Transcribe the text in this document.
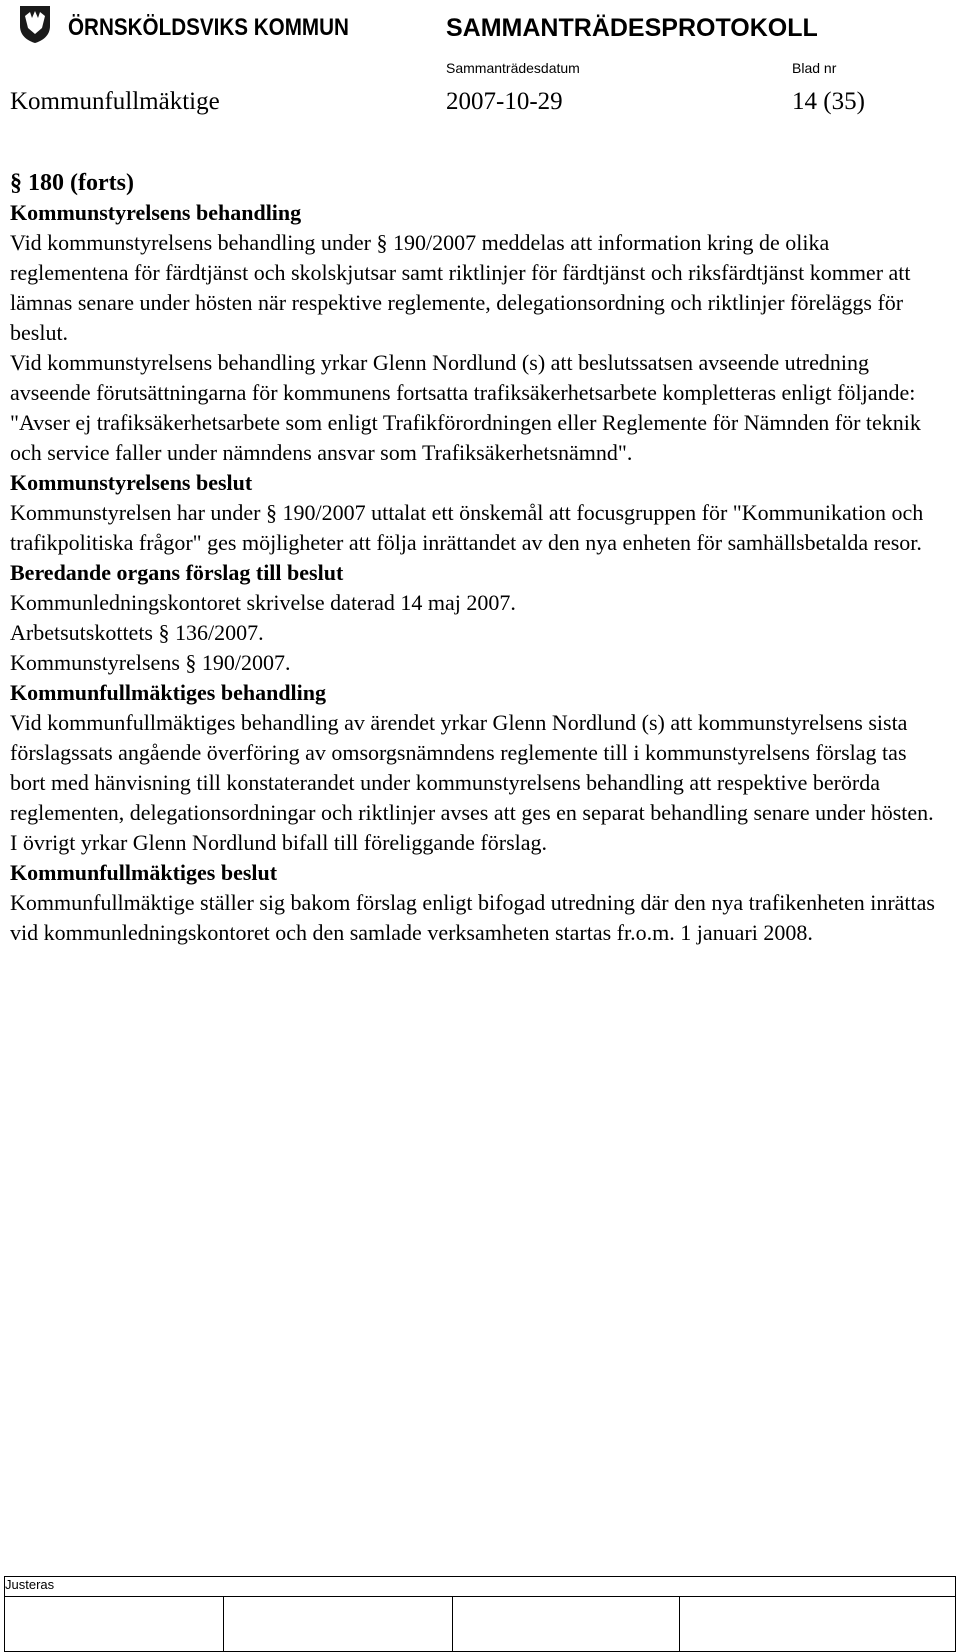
ÖRNSKÖLDSVIKS KOMMUN	SAMMANTRÄDESPROTOKOLL
Sammanträdesdatum	Blad nr
Kommunfullmäktige	2007-10-29	14 (35)

§ 180 (forts)

Kommunstyrelsens behandling

Vid kommunstyrelsens behandling under § 190/2007 meddelas att information kring de olika reglementena för färdtjänst och skolskjutsar samt riktlinjer för färdtjänst och riksfärdtjänst kommer att lämnas senare under hösten när respektive reglemente, delegationsordning och riktlinjer föreläggs för beslut.

Vid kommunstyrelsens behandling yrkar Glenn Nordlund (s) att beslutssatsen avseende utredning avseende förutsättningarna för kommunens fortsatta trafiksäkerhetsarbete kompletteras enligt följande:

"Avser ej trafiksäkerhetsarbete som enligt Trafikförordningen eller Reglemente för Nämnden för teknik och service faller under nämndens ansvar som Trafiksäkerhetsnämnd".

Kommunstyrelsens beslut

Kommunstyrelsen har under § 190/2007 uttalat ett önskemål att focusgruppen för "Kommunikation och trafikpolitiska frågor" ges möjligheter att följa inrättandet av den nya enheten för samhällsbetalda resor.

Beredande organs förslag till beslut

Kommunledningskontoret skrivelse daterad 14 maj 2007.

Arbetsutskottets § 136/2007.

Kommunstyrelsens § 190/2007.

Kommunfullmäktiges behandling

Vid kommunfullmäktiges behandling av ärendet yrkar Glenn Nordlund (s) att kommunstyrelsens sista förslagssats angående överföring av omsorgsnämndens reglemente till i kommunstyrelsens förslag tas bort med hänvisning till konstaterandet under kommunstyrelsens behandling att respektive berörda reglementen, delegationsordningar och riktlinjer avses att ges en separat behandling senare under hösten.

I övrigt yrkar Glenn Nordlund bifall till föreliggande förslag.

Kommunfullmäktiges beslut

Kommunfullmäktige ställer sig bakom förslag enligt bifogad utredning där den nya trafikenheten inrättas vid kommunledningskontoret och den samlade verksamheten startas fr.o.m. 1 januari 2008.

Justeras
